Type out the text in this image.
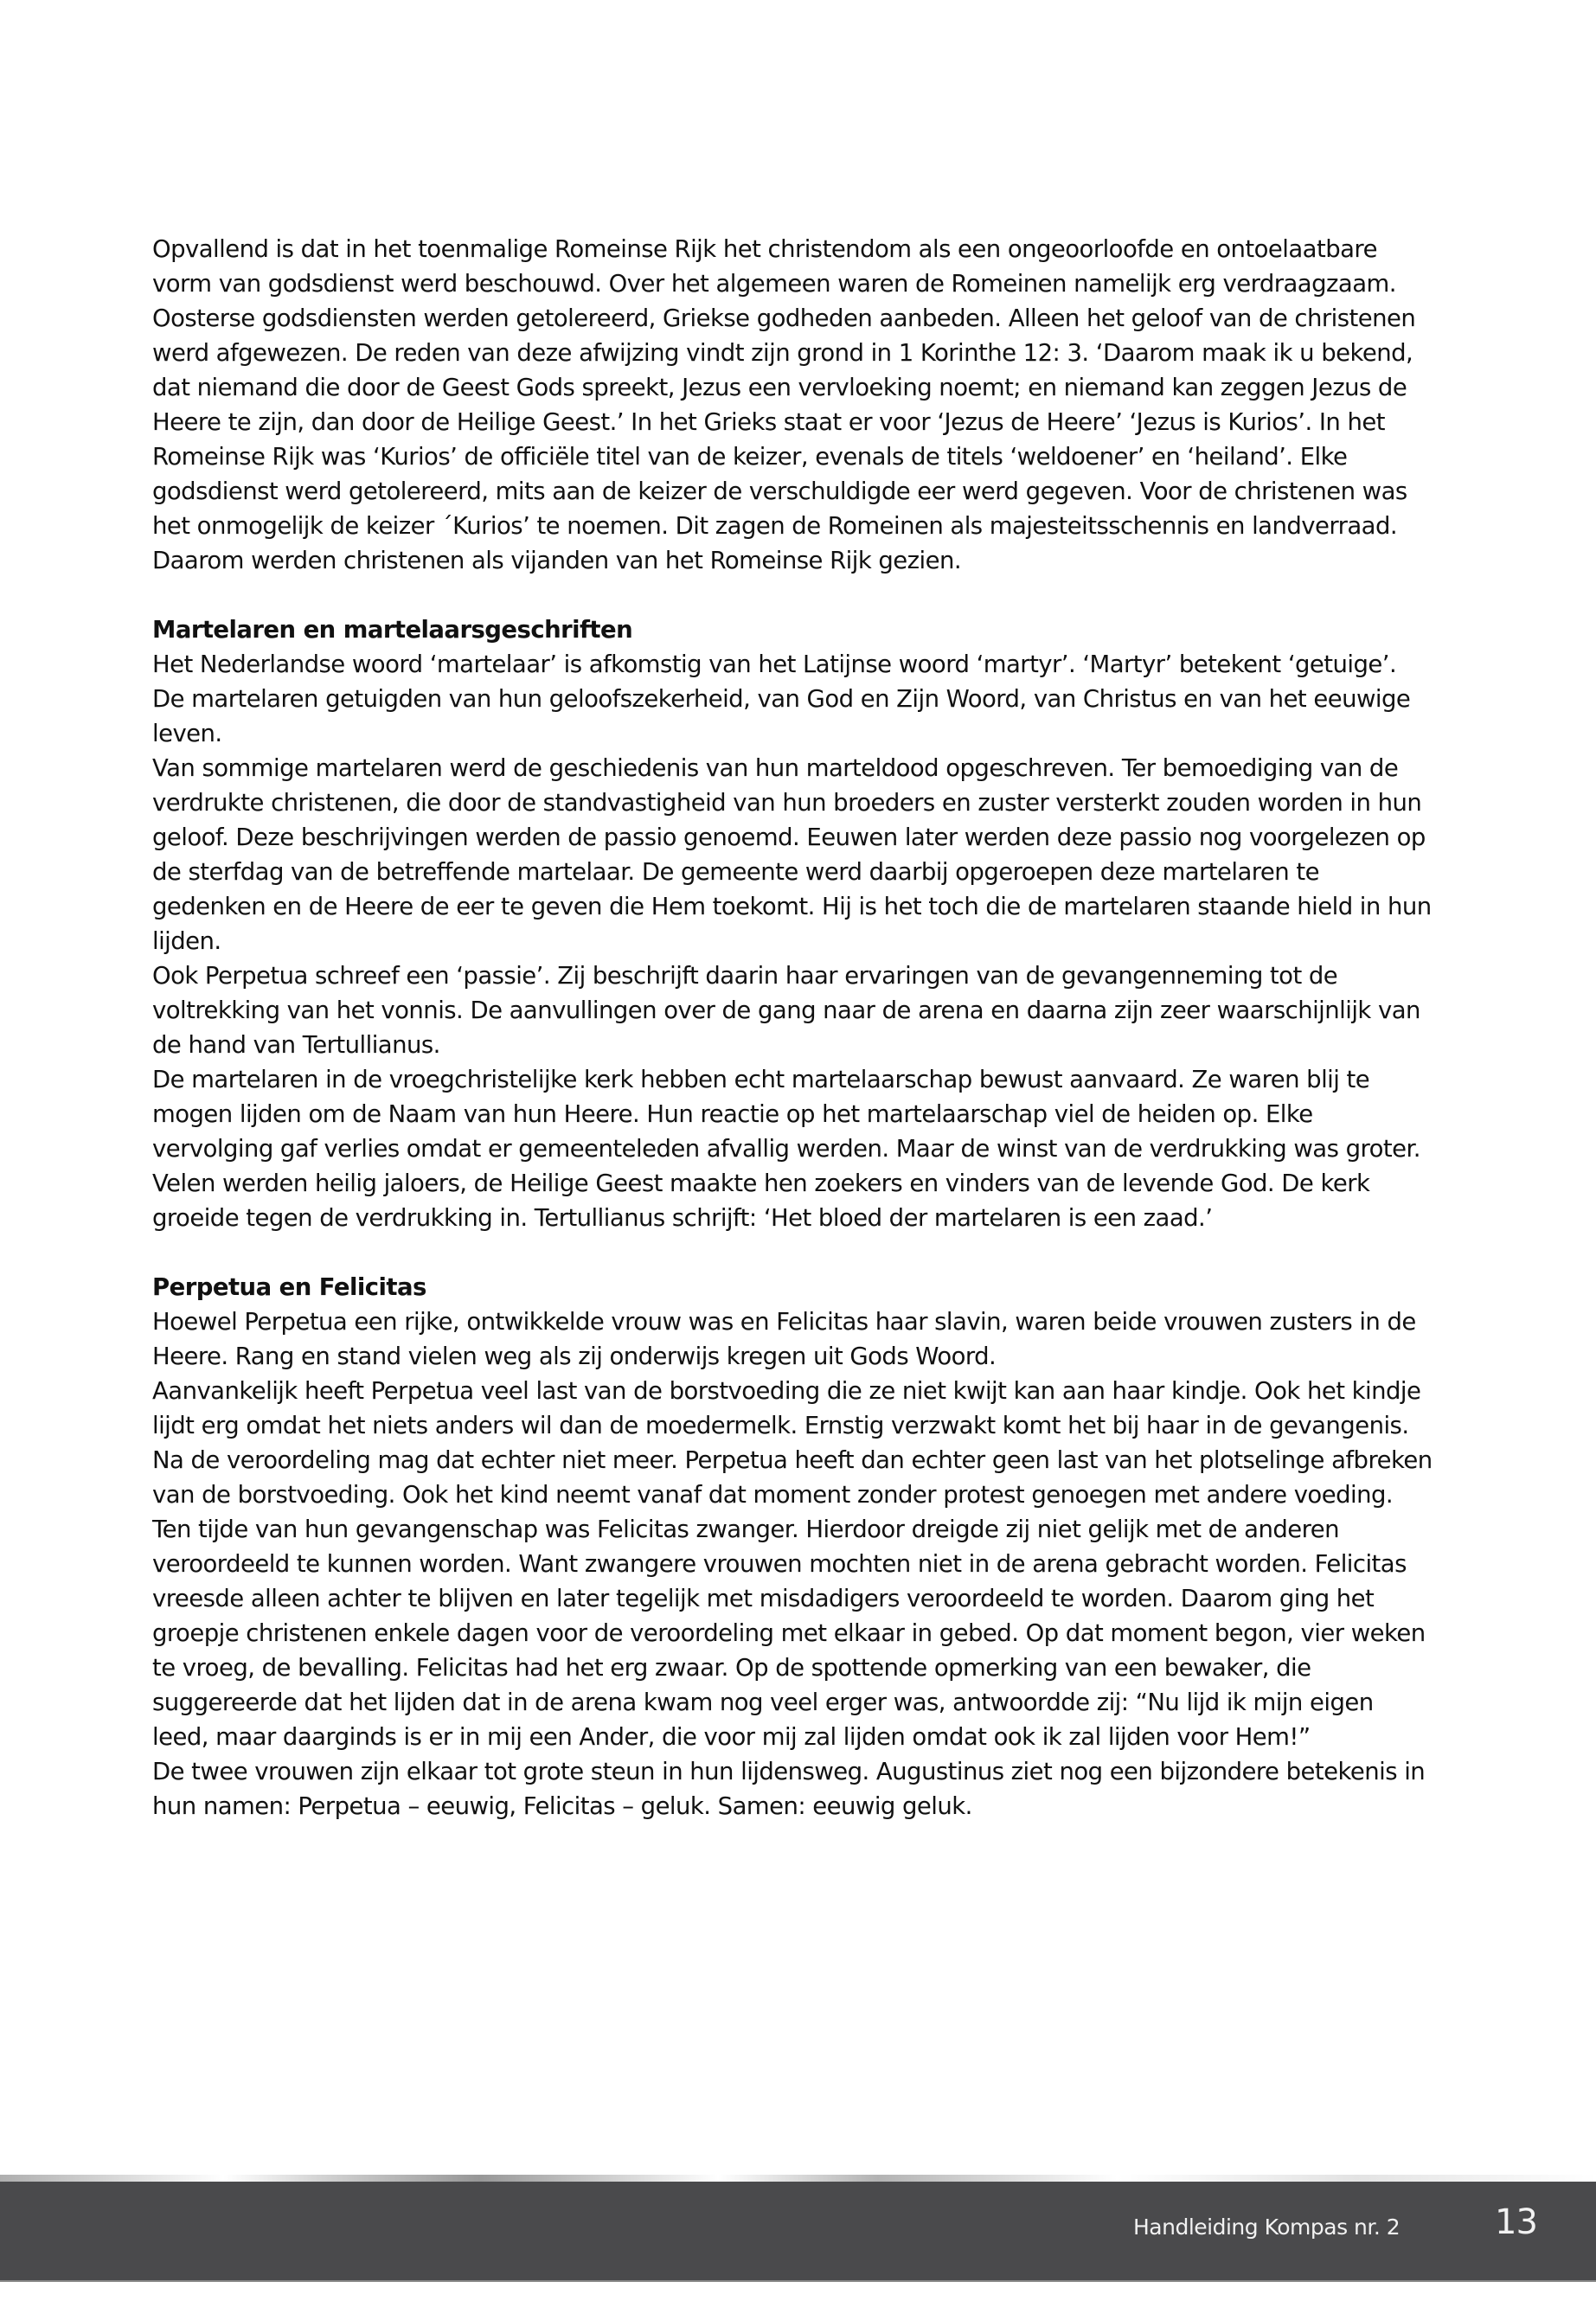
Opvallend is dat in het toenmalige Romeinse Rijk het christendom als een ongeoorloofde en ontoelaatbare vorm van godsdienst werd beschouwd. Over het algemeen waren de Romeinen namelijk erg verdraagzaam. Oosterse godsdiensten werden getolereerd, Griekse godheden aanbeden. Alleen het geloof van de christenen werd afgewezen. De reden van deze afwijzing vindt zijn grond in 1 Korinthe 12: 3. ‘Daarom maak ik u bekend, dat niemand die door de Geest Gods spreekt, Jezus een vervloeking noemt; en niemand kan zeggen Jezus de Heere te zijn, dan door de Heilige Geest.’ In het Grieks staat er voor ‘Jezus de Heere’ ‘Jezus is Kurios’. In het Romeinse Rijk was ‘Kurios’ de officiële titel van de keizer, evenals de titels ‘weldoener’ en ‘heiland’. Elke godsdienst werd getolereerd, mits aan de keizer de verschuldigde eer werd gegeven. Voor de christenen was het onmogelijk de keizer ´Kurios’ te noemen. Dit zagen de Romeinen als majesteitsschennis en landverraad. Daarom werden christenen als vijanden van het Romeinse Rijk gezien.

Martelaren en martelaarsgeschriften

Het Nederlandse woord ‘martelaar’ is afkomstig van het Latijnse woord ‘martyr’. ‘Martyr’ betekent ‘getuige’. De martelaren getuigden van hun geloofszekerheid, van God en Zijn Woord, van Christus en van het eeuwige leven.

Van sommige martelaren werd de geschiedenis van hun marteldood opgeschreven. Ter bemoediging van de verdrukte christenen, die door de standvastigheid van hun broeders en zuster versterkt zouden worden in hun geloof. Deze beschrijvingen werden de passio genoemd. Eeuwen later werden deze passio nog voorgelezen op de sterfdag van de betreffende martelaar. De gemeente werd daarbij opgeroepen deze martelaren te gedenken en de Heere de eer te geven die Hem toekomt. Hij is het toch die de martelaren staande hield in hun lijden.

Ook Perpetua schreef een ‘passie’. Zij beschrijft daarin haar ervaringen van de gevangenneming tot de voltrekking van het vonnis. De aanvullingen over de gang naar de arena en daarna zijn zeer waarschijnlijk van de hand van Tertullianus.

De martelaren in de vroegchristelijke kerk hebben echt martelaarschap bewust aanvaard. Ze waren blij te mogen lijden om de Naam van hun Heere. Hun reactie op het martelaarschap viel de heiden op. Elke vervolging gaf verlies omdat er gemeenteleden afvallig werden. Maar de winst van de verdrukking was groter. Velen werden heilig jaloers, de Heilige Geest maakte hen zoekers en vinders van de levende God. De kerk groeide tegen de verdrukking in. Tertullianus schrijft: ‘Het bloed der martelaren is een zaad.’

Perpetua en Felicitas

Hoewel Perpetua een rijke, ontwikkelde vrouw was en Felicitas haar slavin, waren beide vrouwen zusters in de Heere. Rang en stand vielen weg als zij onderwijs kregen uit Gods Woord.

Aanvankelijk heeft Perpetua veel last van de borstvoeding die ze niet kwijt kan aan haar kindje. Ook het kindje lijdt erg omdat het niets anders wil dan de moedermelk. Ernstig verzwakt komt het bij haar in de gevangenis. Na de veroordeling mag dat echter niet meer. Perpetua heeft dan echter geen last van het plotselinge afbreken van de borstvoeding. Ook het kind neemt vanaf dat moment zonder protest genoegen met andere voeding.

Ten tijde van hun gevangenschap was Felicitas zwanger. Hierdoor dreigde zij niet gelijk met de anderen veroordeeld te kunnen worden. Want zwangere vrouwen mochten niet in de arena gebracht worden. Felicitas vreesde alleen achter te blijven en later tegelijk met misdadigers veroordeeld te worden. Daarom ging het groepje christenen enkele dagen voor de veroordeling met elkaar in gebed. Op dat moment begon, vier weken te vroeg, de bevalling. Felicitas had het erg zwaar. Op de spottende opmerking van een bewaker, die suggereerde dat het lijden dat in de arena kwam nog veel erger was, antwoordde zij: “Nu lijd ik mijn eigen leed, maar daarginds is er in mij een Ander, die voor mij zal lijden omdat ook ik zal lijden voor Hem!”

De twee vrouwen zijn elkaar tot grote steun in hun lijdensweg. Augustinus ziet nog een bijzondere betekenis in hun namen: Perpetua – eeuwig, Felicitas – geluk. Samen: eeuwig geluk.

Handleiding Kompas nr. 2	13
